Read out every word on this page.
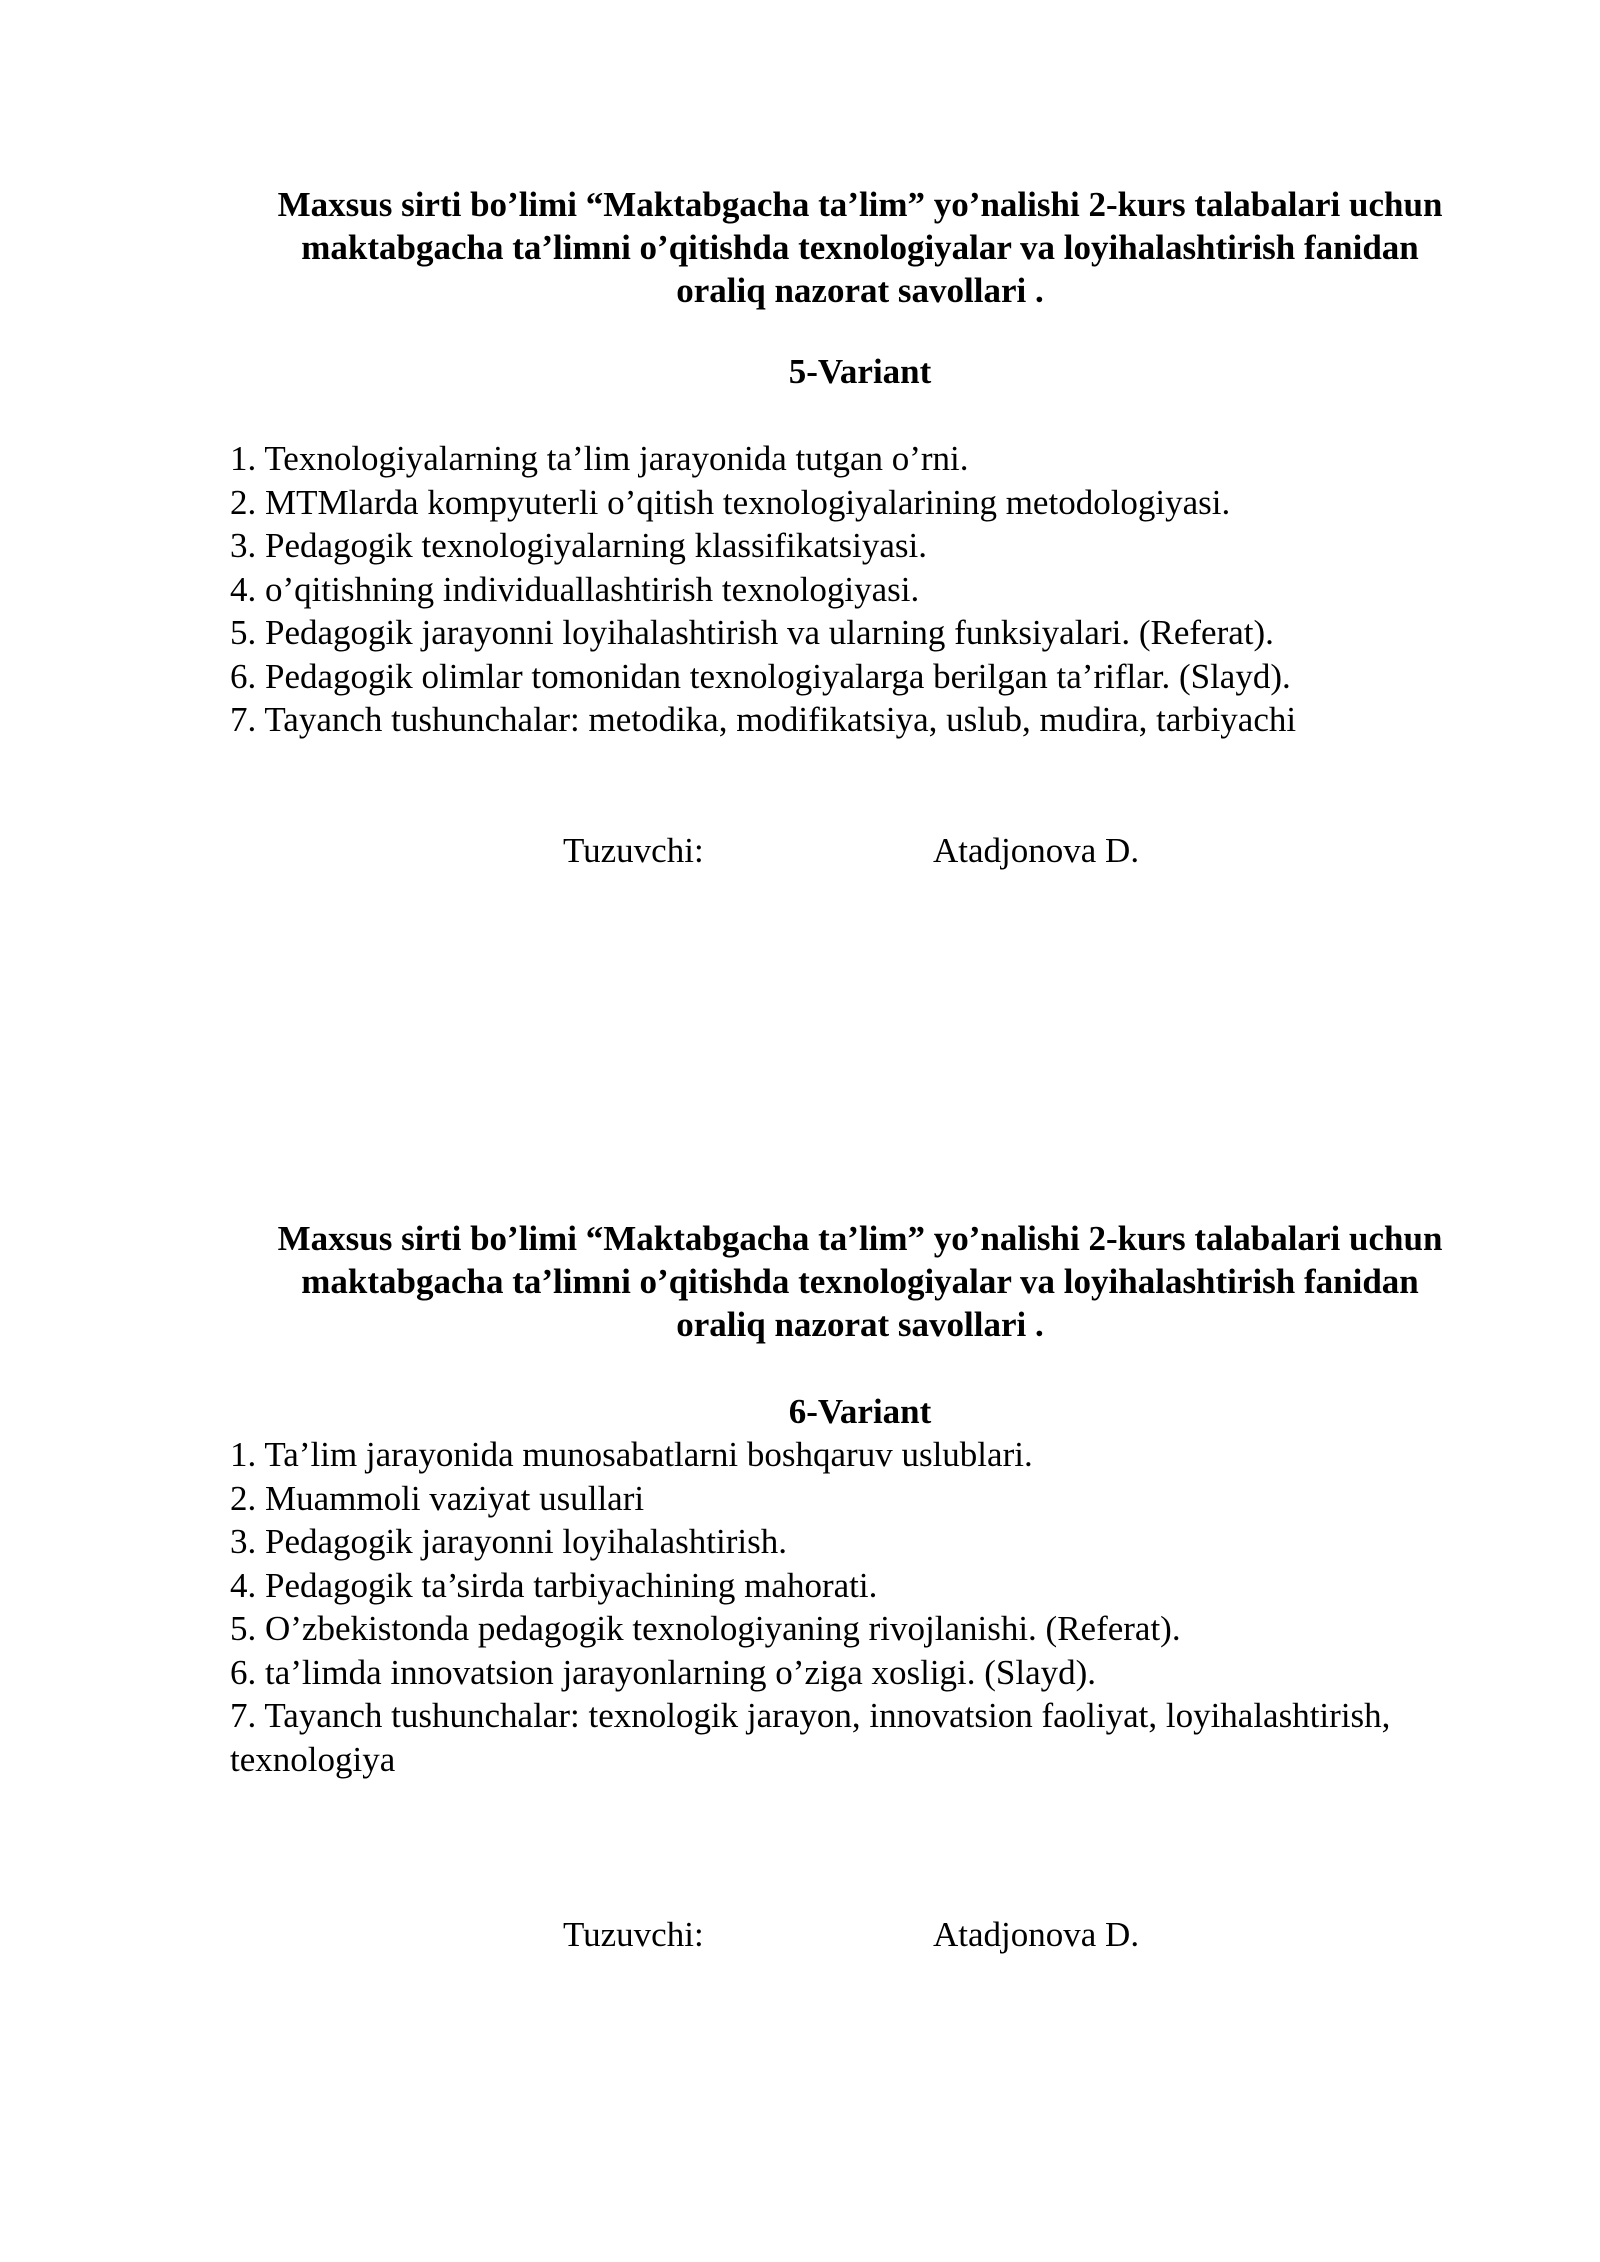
Maxsus sirti bo’limi “Maktabgacha ta’lim” yo’nalishi 2-kurs talabalari uchun
maktabgacha ta’limni o’qitishda texnologiyalar va loyihalashtirish fanidan
oraliq nazorat savollari .

5-Variant

1. Texnologiyalarning ta’lim jarayonida tutgan o’rni.
2. MTMlarda kompyuterli o’qitish texnologiyalarining metodologiyasi.
3. Pedagogik texnologiyalarning klassifikatsiyasi.
4. o’qitishning individuallashtirish texnologiyasi.
5. Pedagogik jarayonni loyihalashtirish va ularning funksiyalari. (Referat).
6. Pedagogik olimlar tomonidan texnologiyalarga berilgan ta’riflar. (Slayd).
7. Tayanch tushunchalar: metodika, modifikatsiya, uslub, mudira, tarbiyachi
Tuzuvchi:	Atadjonova D.

Maxsus sirti bo’limi “Maktabgacha ta’lim” yo’nalishi 2-kurs talabalari uchun
maktabgacha ta’limni o’qitishda texnologiyalar va loyihalashtirish fanidan
oraliq nazorat savollari .

6-Variant

1. Ta’lim jarayonida munosabatlarni boshqaruv uslublari.
2. Muammoli vaziyat usullari
3. Pedagogik jarayonni loyihalashtirish.
4. Pedagogik ta’sirda tarbiyachining mahorati.
5. O’zbekistonda pedagogik texnologiyaning rivojlanishi. (Referat).
6. ta’limda innovatsion jarayonlarning o’ziga xosligi. (Slayd).
7. Tayanch tushunchalar: texnologik jarayon, innovatsion faoliyat, loyihalashtirish, texnologiya
Tuzuvchi:	Atadjonova D.
